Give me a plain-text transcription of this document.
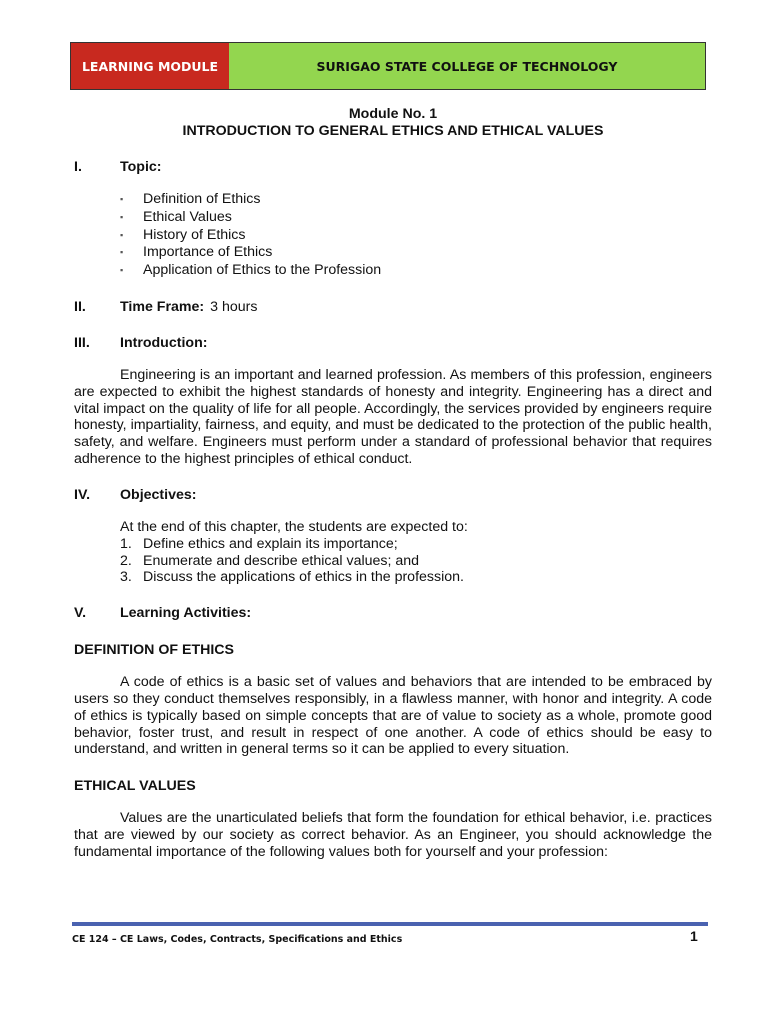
LEARNING MODULE	SURIGAO STATE COLLEGE OF TECHNOLOGY

Module No. 1

INTRODUCTION TO GENERAL ETHICS AND ETHICAL VALUES

I.	Topic:
▪ Definition of Ethics
▪ Ethical Values
▪ History of Ethics
▪ Importance of Ethics
▪ Application of Ethics to the Profession
II.	Time Frame: 3 hours
III.	Introduction:

Engineering is an important and learned profession. As members of this profession, engineers are expected to exhibit the highest standards of honesty and integrity. Engineering has a direct and vital impact on the quality of life for all people. Accordingly, the services provided by engineers require honesty, impartiality, fairness, and equity, and must be dedicated to the protection of the public health, safety, and welfare. Engineers must perform under a standard of professional behavior that requires adherence to the highest principles of ethical conduct.

IV.	Objectives:
At the end of this chapter, the students are expected to:
1. Define ethics and explain its importance;
2. Enumerate and describe ethical values; and
3. Discuss the applications of ethics in the profession.
V.	Learning Activities:
DEFINITION OF ETHICS

A code of ethics is a basic set of values and behaviors that are intended to be embraced by users so they conduct themselves responsibly, in a flawless manner, with honor and integrity. A code of ethics is typically based on simple concepts that are of value to society as a whole, promote good behavior, foster trust, and result in respect of one another. A code of ethics should be easy to understand, and written in general terms so it can be applied to every situation.

ETHICAL VALUES

Values are the unarticulated beliefs that form the foundation for ethical behavior, i.e. practices that are viewed by our society as correct behavior. As an Engineer, you should acknowledge the fundamental importance of the following values both for yourself and your profession:

CE 124 – CE Laws, Codes, Contracts, Specifications and Ethics	1
